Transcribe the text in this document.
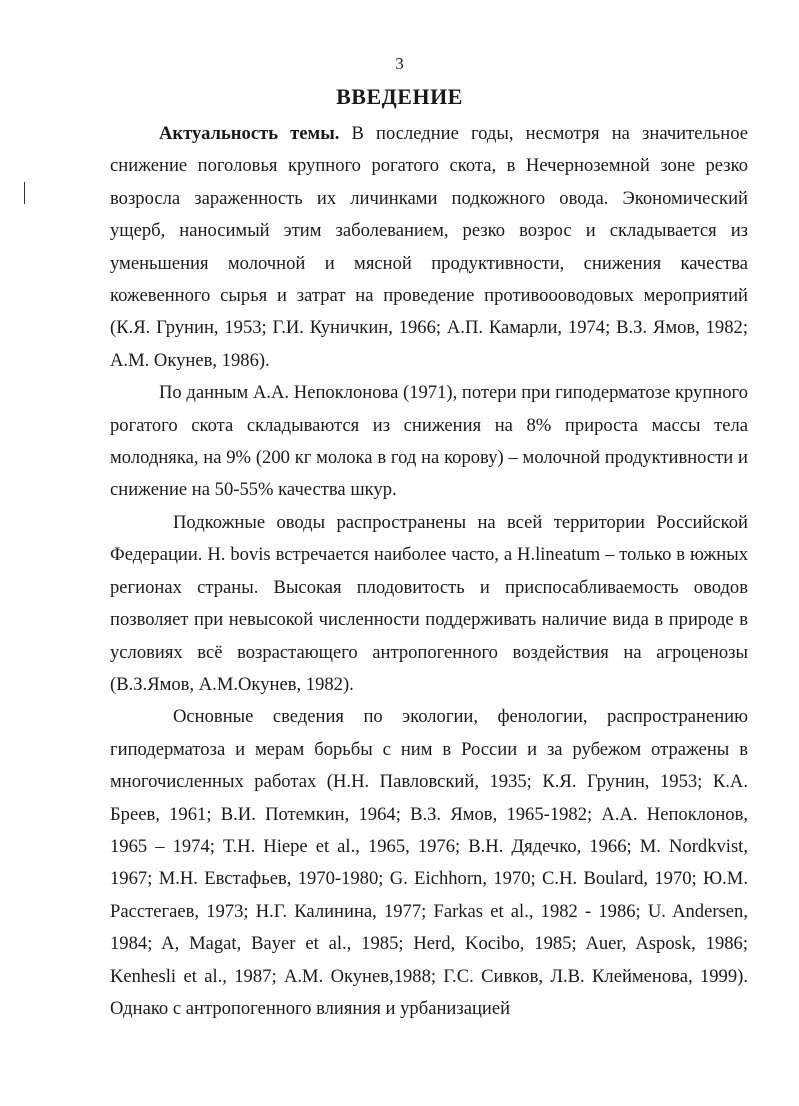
3
ВВЕДЕНИЕ

Актуальность темы. В последние годы, несмотря на значительное снижение поголовья крупного рогатого скота, в Нечерноземной зоне резко возросла зараженность их личинками подкожного овода. Экономический ущерб, наносимый этим заболеванием, резко возрос и складывается из уменьшения молочной и мясной продуктивности, снижения качества кожевенного сырья и затрат на проведение противоооводовых мероприятий (К.Я. Грунин, 1953; Г.И. Куничкин, 1966; А.П. Камарли, 1974; В.З. Ямов, 1982; А.М. Окунев, 1986).

По данным А.А. Непоклонова (1971), потери при гиподерматозе крупного рогатого скота складываются из снижения на 8% прироста массы тела молодняка, на 9% (200 кг молока в год на корову) – молочной продуктивности и снижение на 50-55% качества шкур.

Подкожные оводы распространены на всей территории Российской Федерации. H. bovis встречается наиболее часто, а H.lineatum – только в южных регионах страны. Высокая плодовитость и приспосабливаемость оводов позволяет при невысокой численности поддерживать наличие вида в природе в условиях всё возрастающего антропогенного воздействия на агроценозы (В.З.Ямов, А.М.Окунев, 1982).

Основные сведения по экологии, фенологии, распространению гиподерматоза и мерам борьбы с ним в России и за рубежом отражены в многочисленных работах (Н.Н. Павловский, 1935; К.Я. Грунин, 1953; К.А. Бреев, 1961; В.И. Потемкин, 1964; В.З. Ямов, 1965-1982; А.А. Непоклонов, 1965 – 1974; Т.Н. Hiepe et al., 1965, 1976; В.Н. Дядечко, 1966; M. Nordkvist, 1967; М.Н. Евстафьев, 1970-1980; G. Eichhorn, 1970; С.Н. Boulard, 1970; Ю.М. Расстегаев, 1973; Н.Г. Калинина, 1977; Farkas et al., 1982 - 1986; U. Andersen, 1984; A, Magat, Bayer et al., 1985; Herd, Kocibo, 1985; Auer, Asposk, 1986; Kenhesli et al., 1987; А.М. Окунев,1988; Г.С. Сивков, Л.В. Клейменова, 1999). Однако с антропогенного влияния и урбанизацией
